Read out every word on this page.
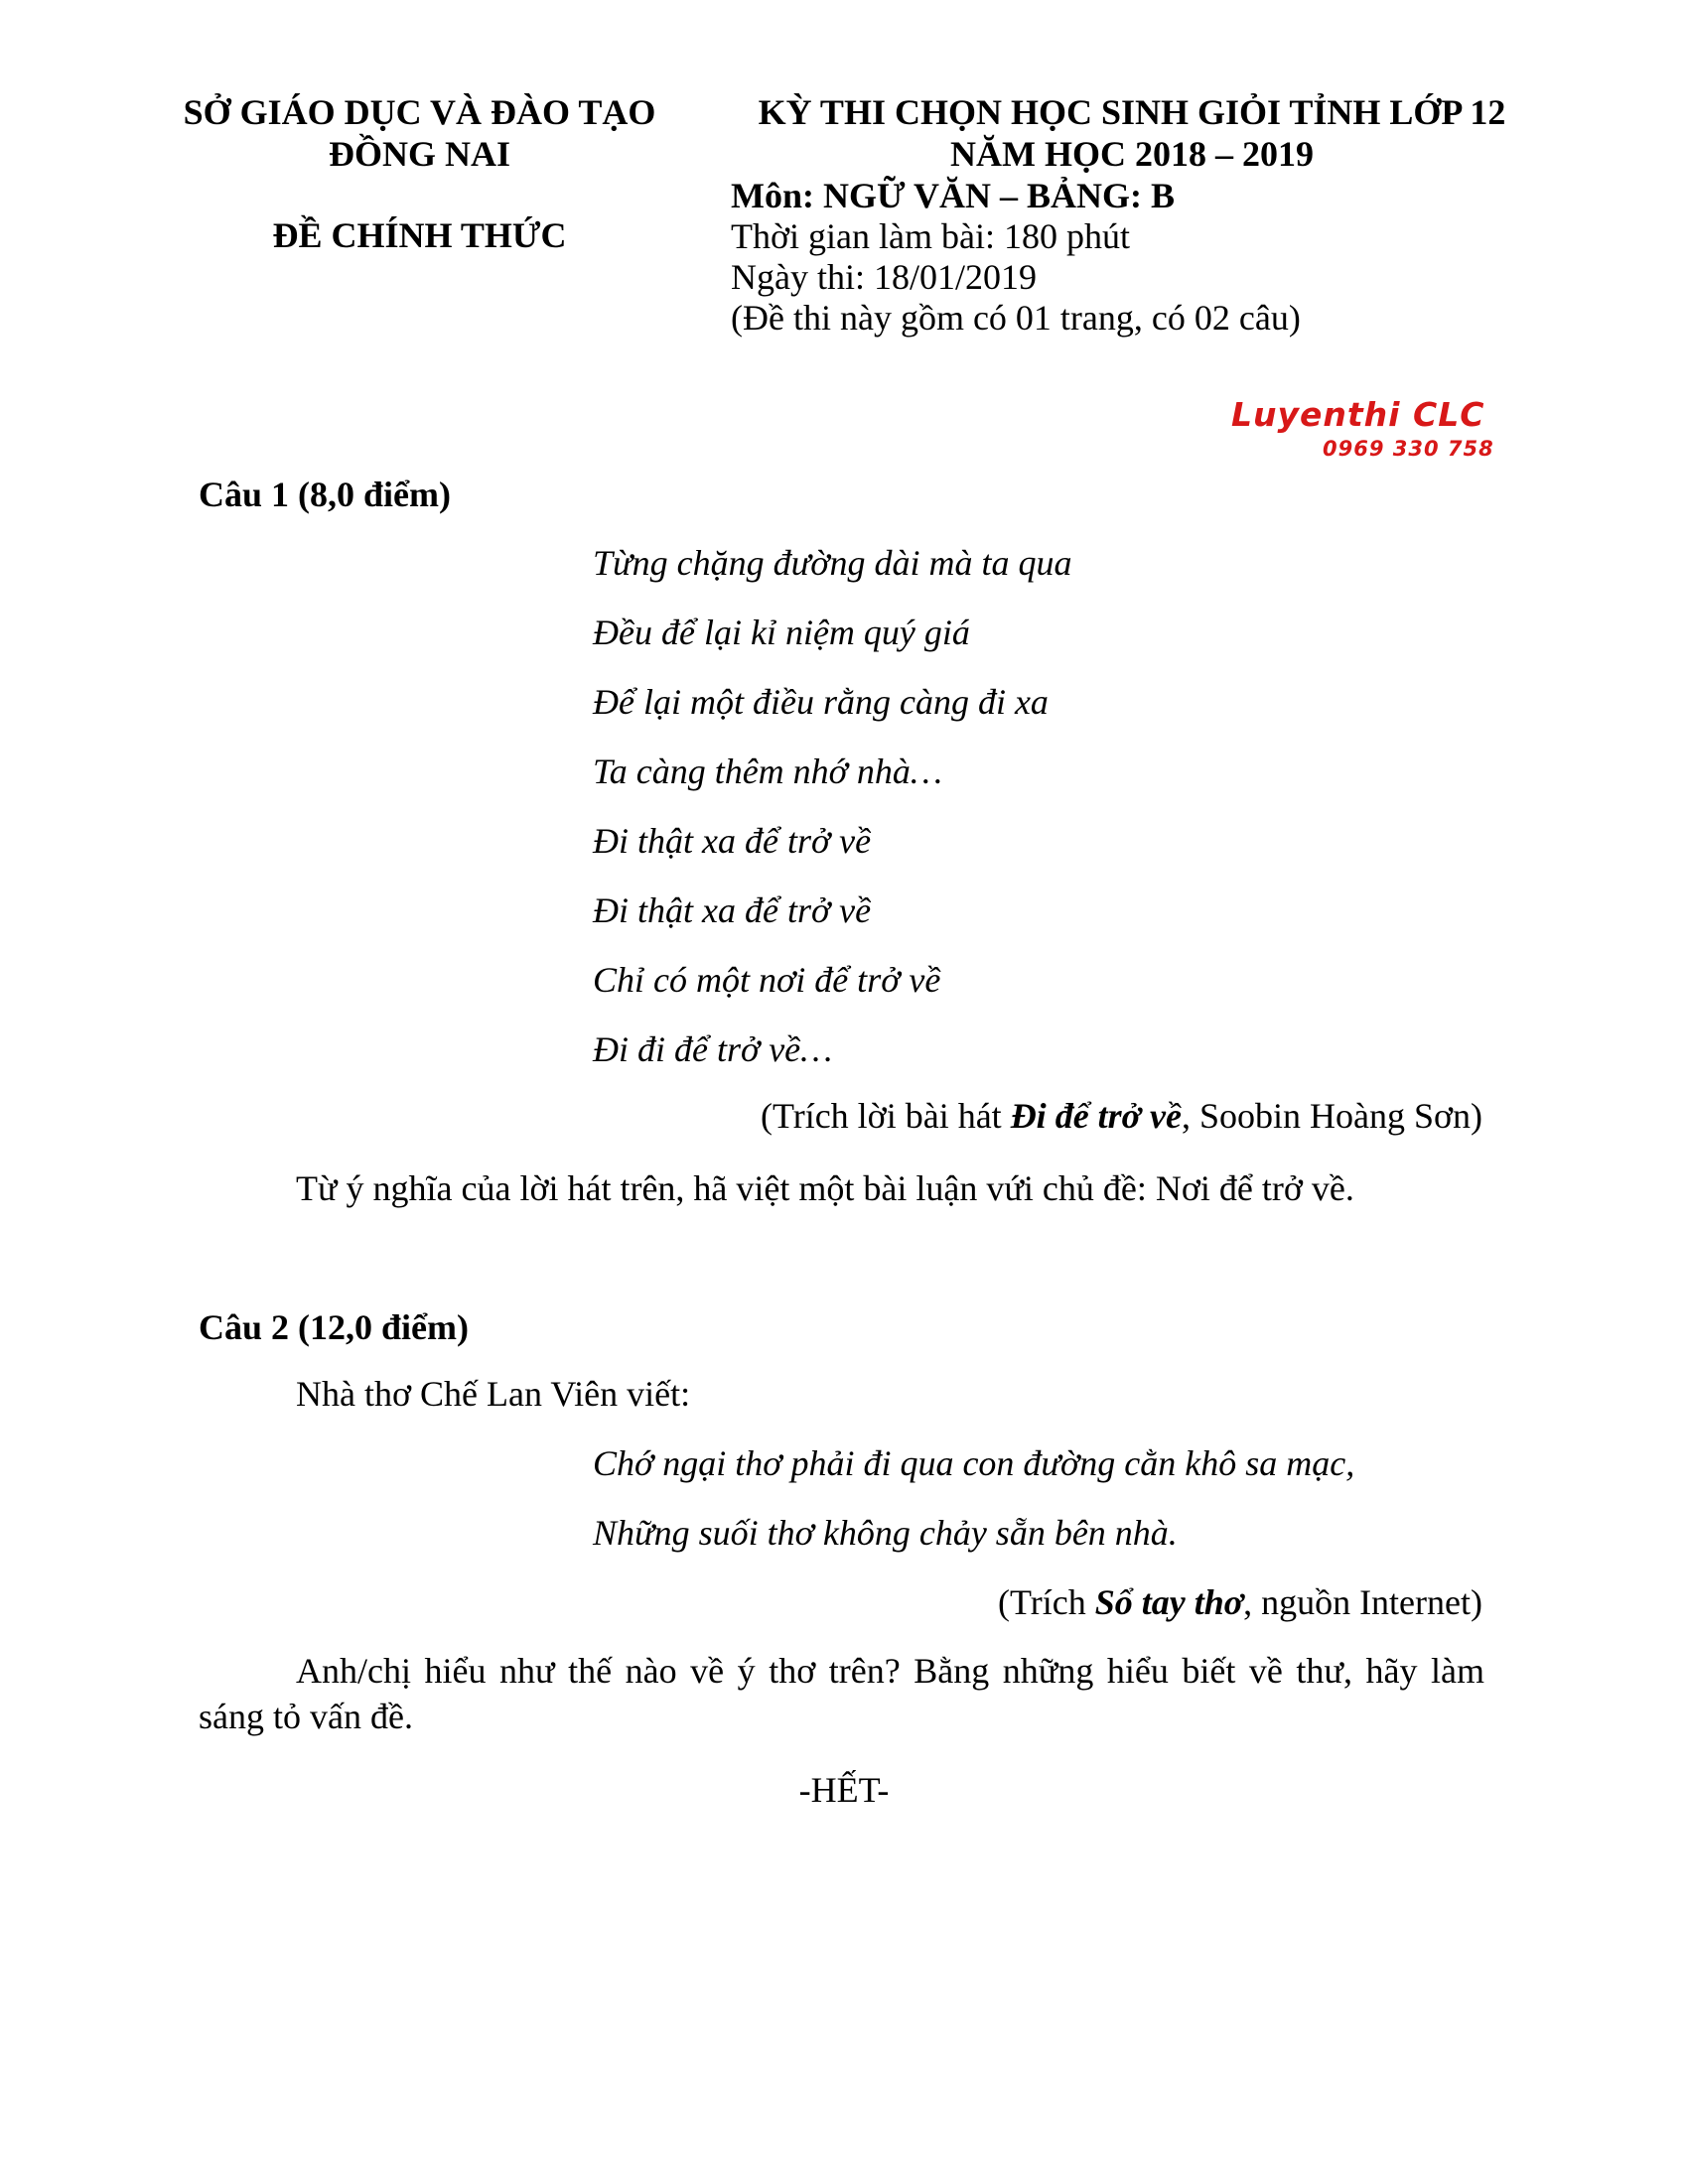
SỞ GIÁO DỤC VÀ ĐÀO TẠO
ĐỒNG NAI
ĐỀ CHÍNH THỨC
KỲ THI CHỌN HỌC SINH GIỎI TỈNH LỚP 12
NĂM HỌC 2018 – 2019
Môn: NGỮ VĂN – BẢNG: B
Thời gian làm bài: 180 phút
Ngày thi: 18/01/2019
(Đề thi này gồm có 01 trang, có 02 câu)
Luyenthi CLC
0969 330 758
Câu 1 (8,0 điểm)
Từng chặng đường dài mà ta qua
Đều để lại kỉ niệm quý giá
Để lại một điều rằng càng đi xa
Ta càng thêm nhớ nhà…
Đi thật xa để trở về
Đi thật xa để trở về
Chỉ có một nơi để trở về
Đi đi để trở về…
(Trích lời bài hát Đi để trở về, Soobin Hoàng Sơn)
Từ ý nghĩa của lời hát trên, hã việt một bài luận vứi chủ đề: Nơi để trở về.
Câu 2 (12,0 điểm)
Nhà thơ Chế Lan Viên viết:
Chớ ngại thơ phải đi qua con đường cằn khô sa mạc,
Những suối thơ không chảy sẵn bên nhà.
(Trích Sổ tay thơ, nguồn Internet)
Anh/chị hiểu như thế nào về ý thơ trên? Bằng những hiểu biết về thư, hãy làm sáng tỏ vấn đề.
-HẾT-
